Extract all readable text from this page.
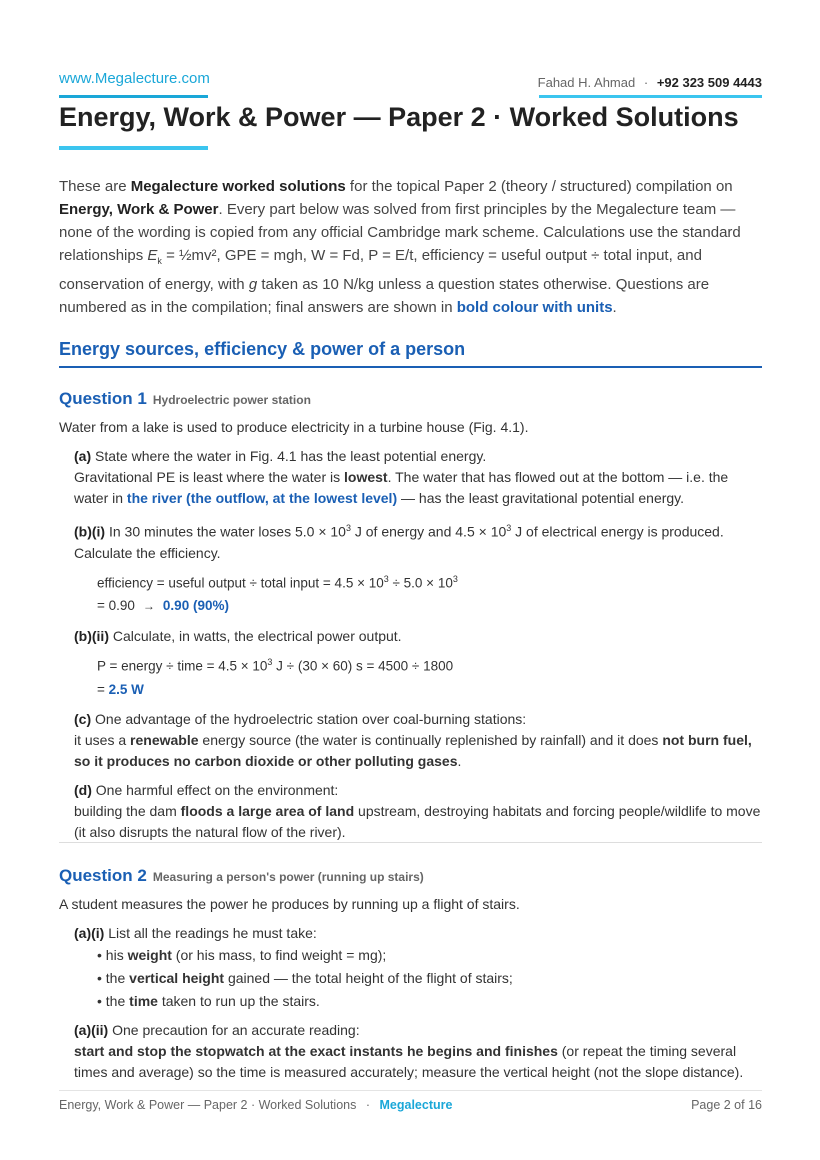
www.Megalecture.com	Fahad H. Ahmad · +92 323 509 4443
Energy, Work & Power — Paper 2 · Worked Solutions
These are Megalecture worked solutions for the topical Paper 2 (theory / structured) compilation on Energy, Work & Power. Every part below was solved from first principles by the Megalecture team — none of the wording is copied from any official Cambridge mark scheme. Calculations use the standard relationships $E_k$ = ½mv², GPE = mgh, W = Fd, P = E/t, efficiency = useful output ÷ total input, and conservation of energy, with g taken as 10 N/kg unless a question states otherwise. Questions are numbered as in the compilation; final answers are shown in bold colour with units.
Energy sources, efficiency & power of a person
Question 1 Hydroelectric power station
Water from a lake is used to produce electricity in a turbine house (Fig. 4.1).
(a) State where the water in Fig. 4.1 has the least potential energy.
Gravitational PE is least where the water is lowest. The water that has flowed out at the bottom — i.e. the water in the river (the outflow, at the lowest level) — has the least gravitational potential energy.
(b)(i) In 30 minutes the water loses $5.0 \times 10^3$ J of energy and $4.5 \times 10^3$ J of electrical energy is produced. Calculate the efficiency.
efficiency = useful output ÷ total input = $4.5 \times 10^3 \div 5.0 \times 10^3$
= 0.90 → 0.90 (90%)
(b)(ii) Calculate, in watts, the electrical power output.
P = energy ÷ time = $4.5 \times 10^3$ J ÷ (30 × 60) s = 4500 ÷ 1800
= 2.5 W
(c) One advantage of the hydroelectric station over coal-burning stations:
it uses a renewable energy source (the water is continually replenished by rainfall) and it does not burn fuel, so it produces no carbon dioxide or other polluting gases.
(d) One harmful effect on the environment:
building the dam floods a large area of land upstream, destroying habitats and forcing people/wildlife to move (it also disrupts the natural flow of the river).
Question 2 Measuring a person's power (running up stairs)
A student measures the power he produces by running up a flight of stairs.
(a)(i) List all the readings he must take:
• his weight (or his mass, to find weight = mg);
• the vertical height gained — the total height of the flight of stairs;
• the time taken to run up the stairs.
(a)(ii) One precaution for an accurate reading:
start and stop the stopwatch at the exact instants he begins and finishes (or repeat the timing several times and average) so the time is measured accurately; measure the vertical height (not the slope distance).
Energy, Work & Power — Paper 2 · Worked Solutions · Megalecture	Page 2 of 16
